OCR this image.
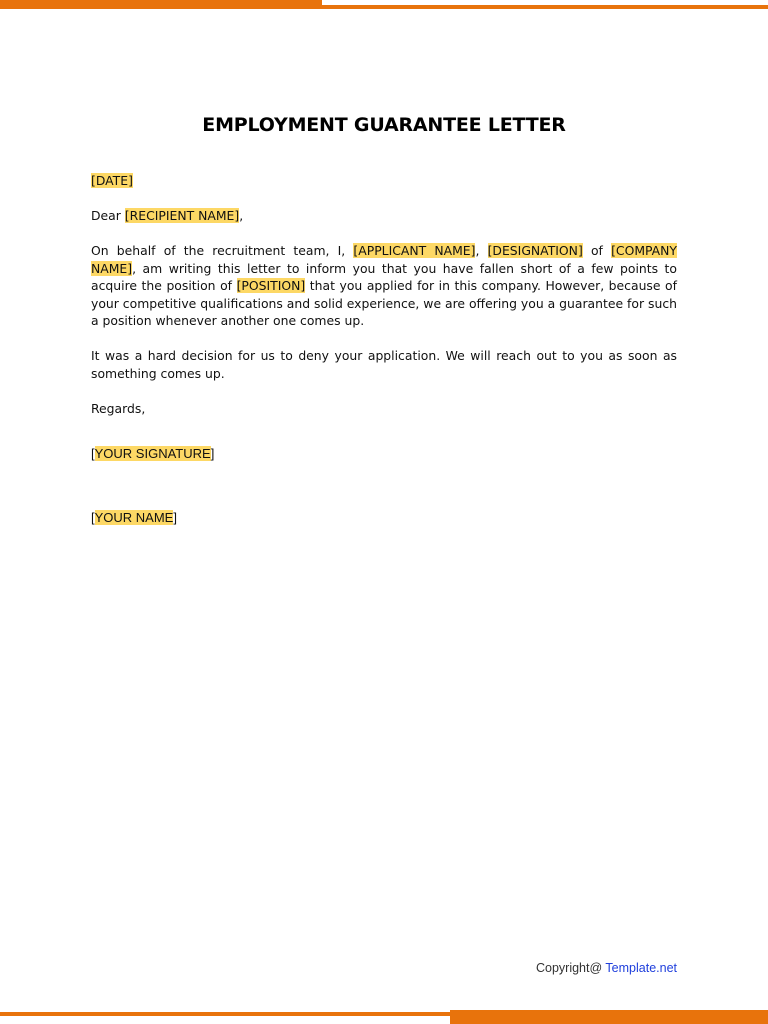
EMPLOYMENT GUARANTEE LETTER
[DATE]
Dear [RECIPIENT NAME],

On behalf of the recruitment team, I, [APPLICANT NAME], [DESIGNATION] of [COMPANY NAME], am writing this letter to inform you that you have fallen short of a few points to acquire the position of [POSITION] that you applied for in this company. However, because of your competitive qualifications and solid experience, we are offering you a guarantee for such a position whenever another one comes up.

It was a hard decision for us to deny your application. We will reach out to you as soon as something comes up.

Regards,
[YOUR SIGNATURE]
[YOUR NAME]
Copyright@ Template.net
